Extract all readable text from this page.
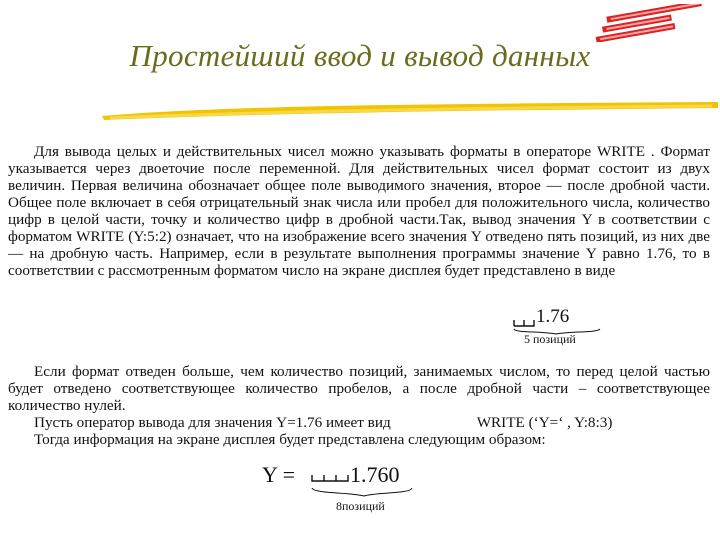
Простейший ввод и вывод данных

Для вывода целых и действительных чисел можно указывать форматы в операторе WRITE . Формат указывается через двоеточие после переменной. Для действительных чисел формат состоит из двух величин. Первая величина обозначает общее поле выводимого значения, второе — после дробной части. Общее поле включает в себя отрицательный знак числа или пробел для положительного числа, количество цифр в целой части, точку и количество цифр в дробной части.Так, вывод значения Y в соответствии с форматом WRITE (Y:5:2) означает, что на изображение всего значения Y отведено пять позиций, из них две — на дробную часть. Например, если в результате выполнения программы значение Y равно 1.76, то в соответствии с рассмотренным форматом число на экране дисплея будет представлено в виде

1.76
5 позиций

Если формат отведен больше, чем количество позиций, занимаемых числом, то перед целой частью будет отведено соответствующее количество пробелов, а после дробной части – соответствующее количество нулей.

Пусть оператор вывода для значения Y=1.76 имеет вид	WRITE (‘Y=‘ , Y:8:3)

Тогда информация на экране дисплея будет представлена следующим образом:

Y =	1.760
8позиций
